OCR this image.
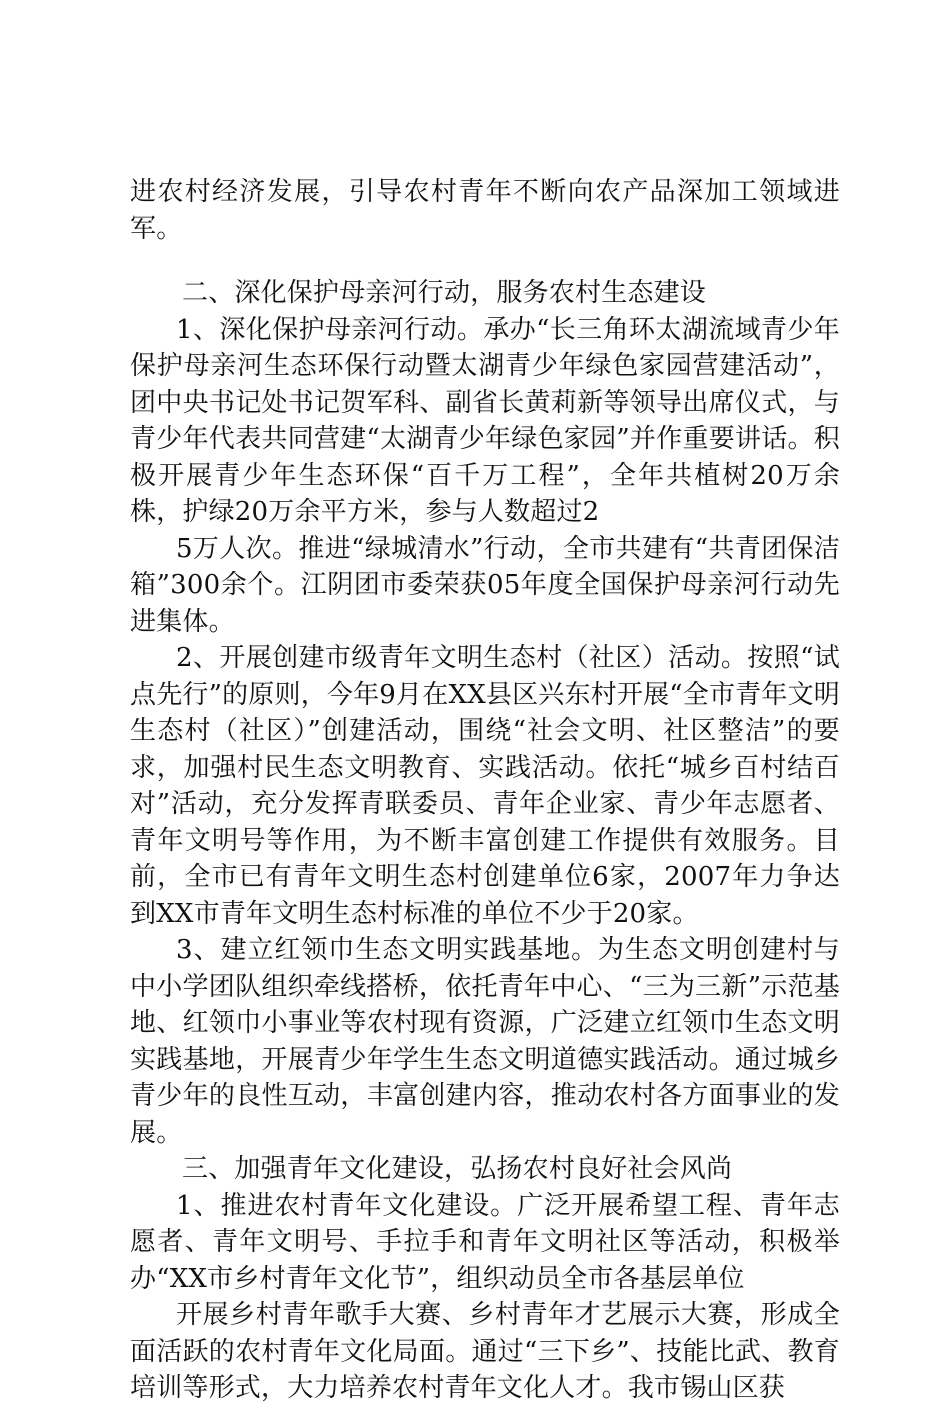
进农村经济发展，引导农村青年不断向农产品深加工领域进军。

二、深化保护母亲河行动，服务农村生态建设

1、深化保护母亲河行动。承办“长三角环太湖流域青少年保护母亲河生态环保行动暨太湖青少年绿色家园营建活动”，团中央书记处书记贺军科、副省长黄莉新等领导出席仪式，与青少年代表共同营建“太湖青少年绿色家园”并作重要讲话。积极开展青少年生态环保“百千万工程”，全年共植树20万余株，护绿20万余平方米，参与人数超过2

5万人次。推进“绿城清水”行动，全市共建有“共青团保洁箱”300余个。江阴团市委荣获05年度全国保护母亲河行动先进集体。

2、开展创建市级青年文明生态村（社区）活动。按照“试点先行”的原则，今年9月在XX县区兴东村开展“全市青年文明生态村（社区）”创建活动，围绕“社会文明、社区整洁”的要求，加强村民生态文明教育、实践活动。依托“城乡百村结百对”活动，充分发挥青联委员、青年企业家、青少年志愿者、青年文明号等作用，为不断丰富创建工作提供有效服务。目前，全市已有青年文明生态村创建单位6家，2007年力争达到XX市青年文明生态村标准的单位不少于20家。

3、建立红领巾生态文明实践基地。为生态文明创建村与中小学团队组织牵线搭桥，依托青年中心、“三为三新”示范基地、红领巾小事业等农村现有资源，广泛建立红领巾生态文明实践基地，开展青少年学生生态文明道德实践活动。通过城乡青少年的良性互动，丰富创建内容，推动农村各方面事业的发展。

三、加强青年文化建设，弘扬农村良好社会风尚

1、推进农村青年文化建设。广泛开展希望工程、青年志愿者、青年文明号、手拉手和青年文明社区等活动，积极举办“XX市乡村青年文化节”，组织动员全市各基层单位

开展乡村青年歌手大赛、乡村青年才艺展示大赛，形成全面活跃的农村青年文化局面。通过“三下乡”、技能比武、教育培训等形式，大力培养农村青年文化人才。我市锡山区获
